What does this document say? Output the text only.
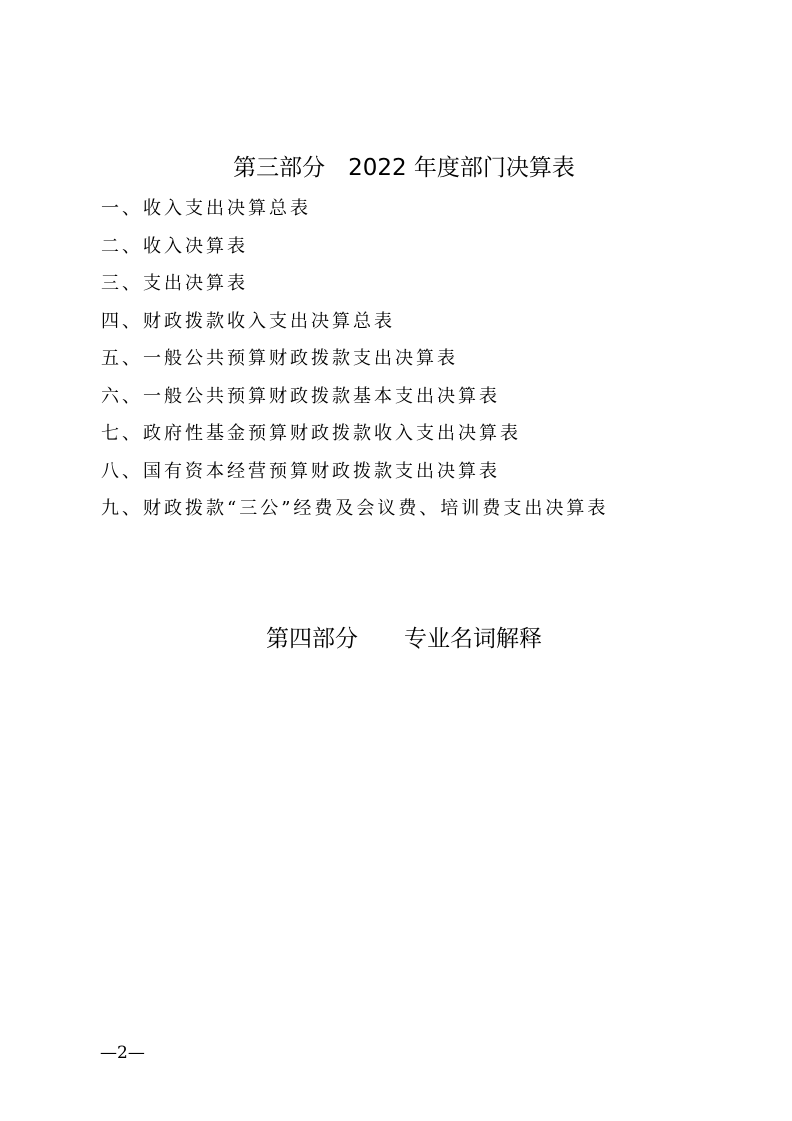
第三部分　2022 年度部门决算表
一、收入支出决算总表
二、收入决算表
三、支出决算表
四、财政拨款收入支出决算总表
五、一般公共预算财政拨款支出决算表
六、一般公共预算财政拨款基本支出决算表
七、政府性基金预算财政拨款收入支出决算表
八、国有资本经营预算财政拨款支出决算表
九、财政拨款“三公”经费及会议费、培训费支出决算表
第四部分　　专业名词解释
—2—
